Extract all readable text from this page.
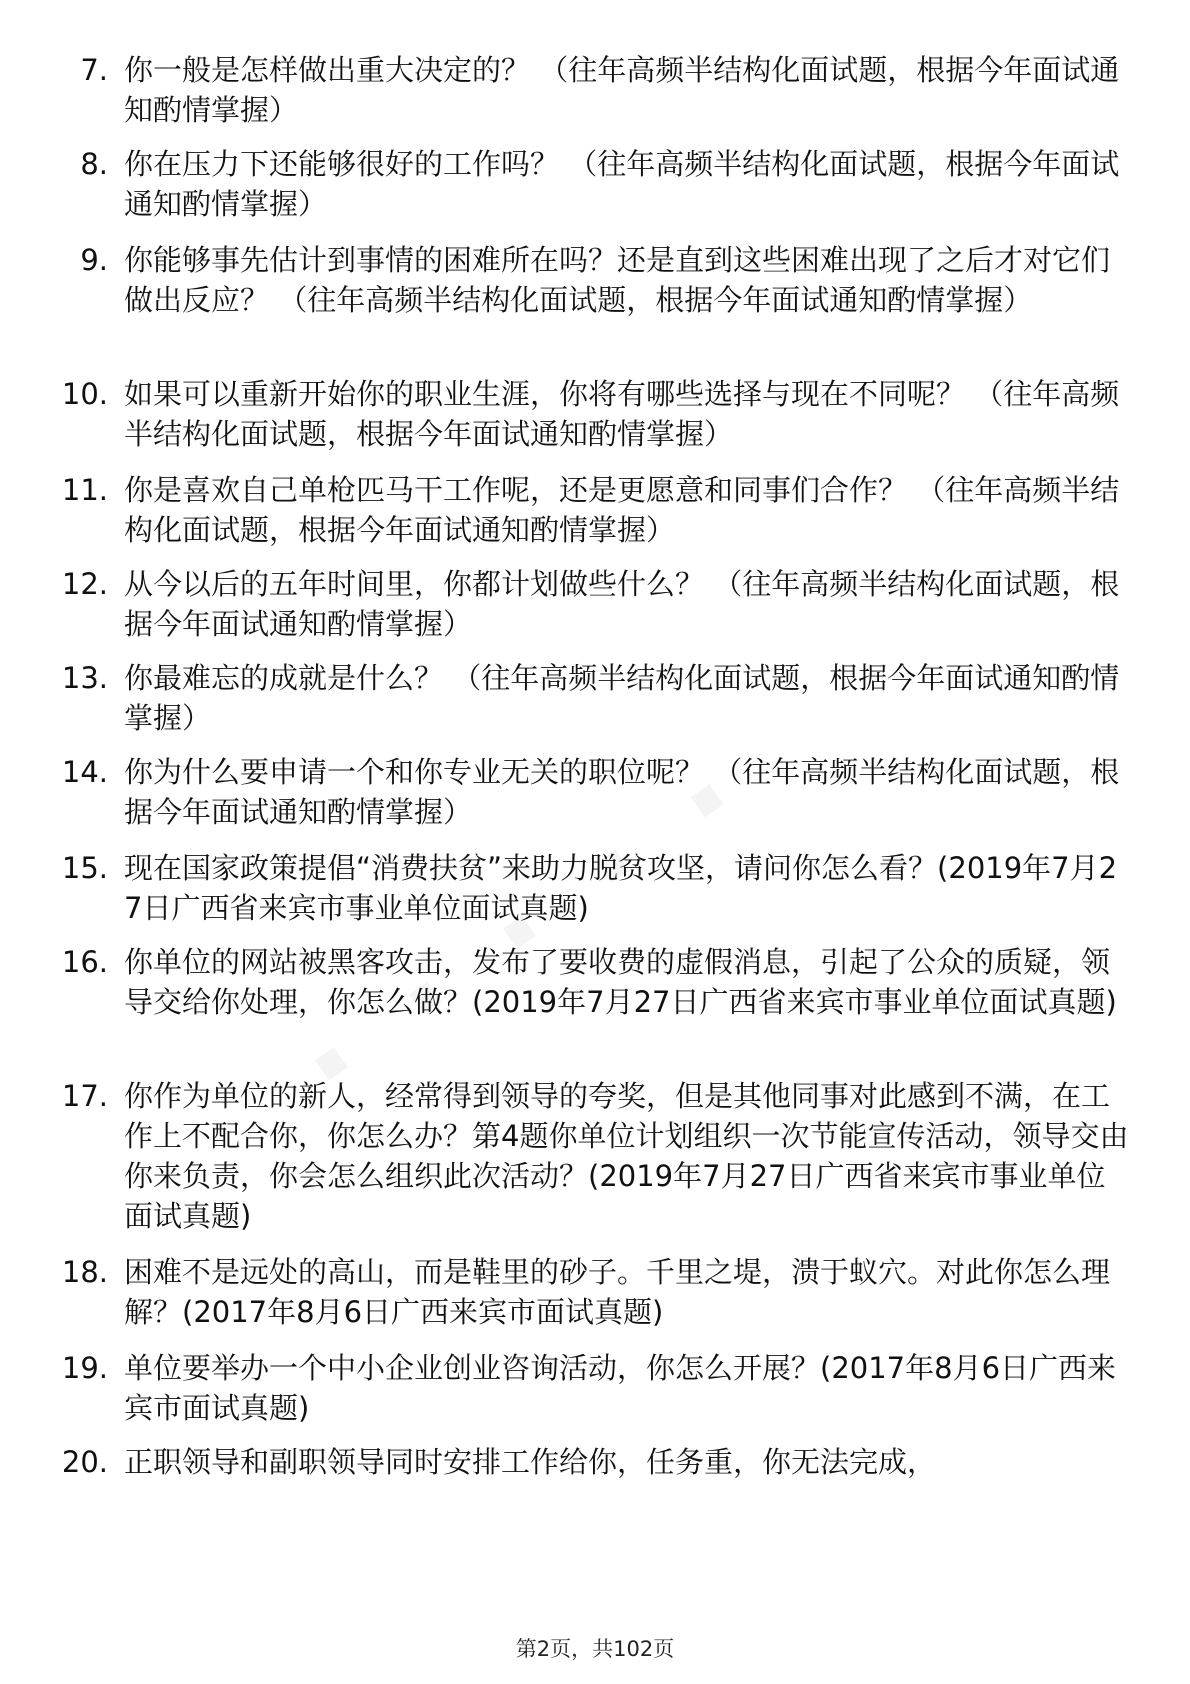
7. 你一般是怎样做出重大决定的？ （往年高频半结构化面试题，根据今年面试通知酌情掌握）
8. 你在压力下还能够很好的工作吗？ （往年高频半结构化面试题，根据今年面试通知酌情掌握）
9. 你能够事先估计到事情的困难所在吗？还是直到这些困难出现了之后才对它们做出反应？ （往年高频半结构化面试题，根据今年面试通知酌情掌握）
10. 如果可以重新开始你的职业生涯，你将有哪些选择与现在不同呢？ （往年高频半结构化面试题，根据今年面试通知酌情掌握）
11. 你是喜欢自己单枪匹马干工作呢，还是更愿意和同事们合作？ （往年高频半结构化面试题，根据今年面试通知酌情掌握）
12. 从今以后的五年时间里，你都计划做些什么？ （往年高频半结构化面试题，根据今年面试通知酌情掌握）
13. 你最难忘的成就是什么？ （往年高频半结构化面试题，根据今年面试通知酌情掌握）
14. 你为什么要申请一个和你专业无关的职位呢？ （往年高频半结构化面试题，根据今年面试通知酌情掌握）
15. 现在国家政策提倡“消费扶贫”来助力脱贫攻坚，请问你怎么看？(2019年7月27日广西省来宾市事业单位面试真题)
16. 你单位的网站被黑客攻击，发布了要收费的虚假消息，引起了公众的质疑，领导交给你处理，你怎么做？(2019年7月27日广西省来宾市事业单位面试真题)
17. 你作为单位的新人，经常得到领导的夸奖，但是其他同事对此感到不满，在工作上不配合你，你怎么办？第4题你单位计划组织一次节能宣传活动，领导交由你来负责，你会怎么组织此次活动？(2019年7月27日广西省来宾市事业单位面试真题)
18. 困难不是远处的高山，而是鞋里的砂子。千里之堤，溃于蚁穴。对此你怎么理解？(2017年8月6日广西来宾市面试真题)
19. 单位要举办一个中小企业创业咨询活动，你怎么开展？(2017年8月6日广西来宾市面试真题)
20. 正职领导和副职领导同时安排工作给你，任务重，你无法完成，
第2页，共102页
